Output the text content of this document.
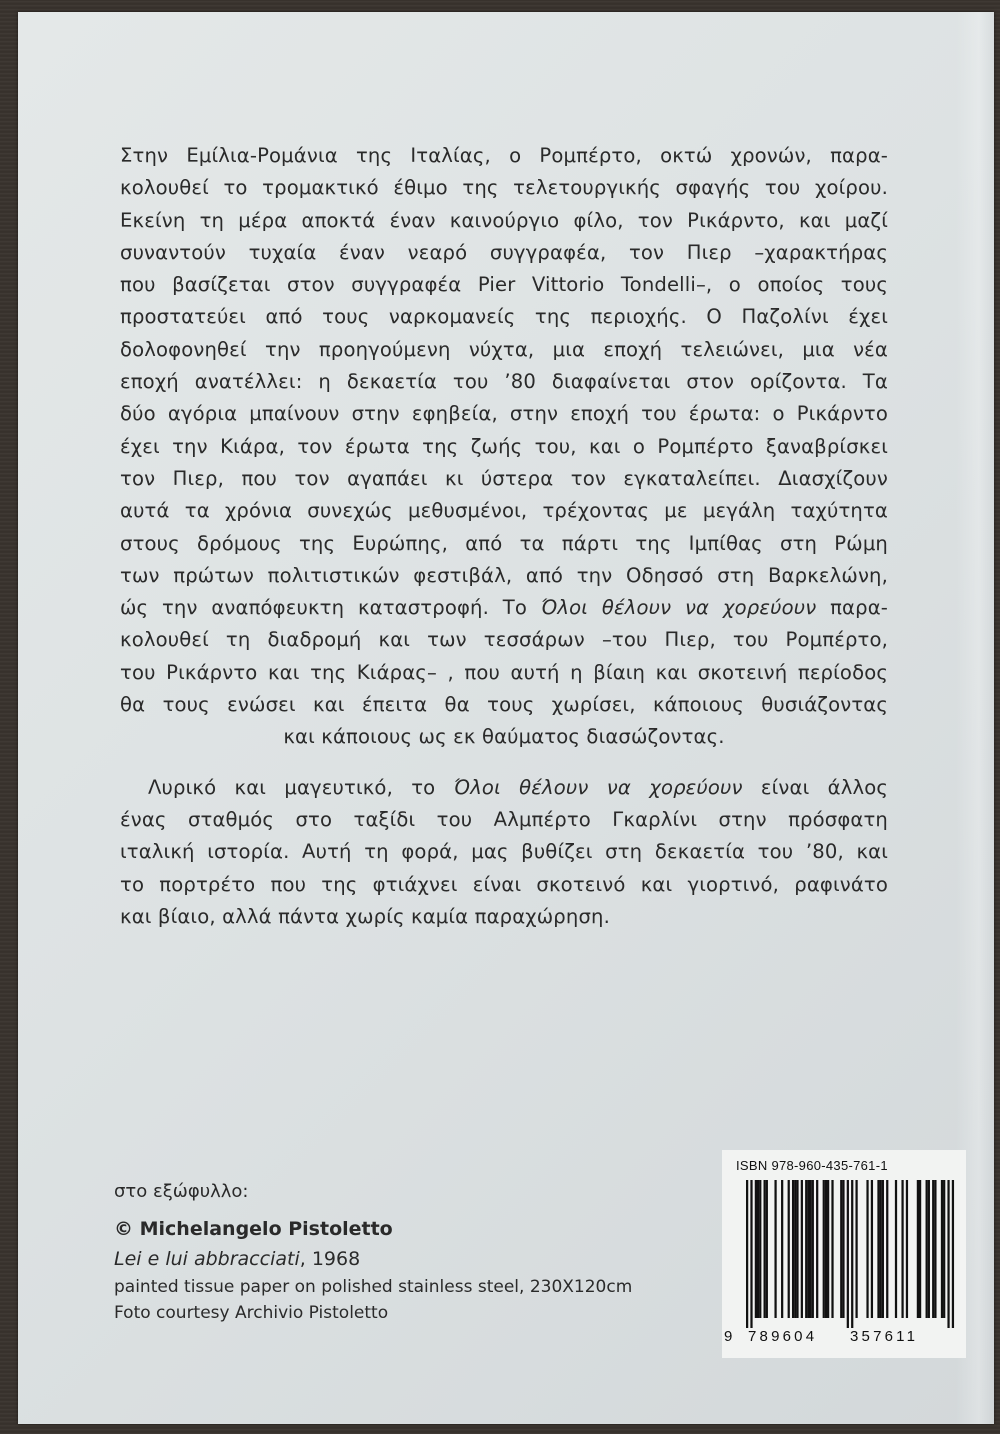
Στην Εμίλια-Ρομάνια της Ιταλίας, ο Ρομπέρτο, οκτώ χρονών, παρα-
κολουθεί το τρομακτικό έθιμο της τελετουργικής σφαγής του χοίρου.
Εκείνη τη μέρα αποκτά έναν καινούργιο φίλο, τον Ρικάρντο, και μαζί
συναντούν τυχαία έναν νεαρό συγγραφέα, τον Πιερ –χαρακτήρας
που βασίζεται στον συγγραφέα Pier Vittorio Tondelli–, ο οποίος τους
προστατεύει από τους ναρκομανείς της περιοχής. Ο Παζολίνι έχει
δολοφονηθεί την προηγούμενη νύχτα, μια εποχή τελειώνει, μια νέα
εποχή ανατέλλει: η δεκαετία του ’80 διαφαίνεται στον ορίζοντα. Τα
δύο αγόρια μπαίνουν στην εφηβεία, στην εποχή του έρωτα: ο Ρικάρντο
έχει την Κιάρα, τον έρωτα της ζωής του, και ο Ρομπέρτο ξαναβρίσκει
τον Πιερ, που τον αγαπάει κι ύστερα τον εγκαταλείπει. Διασχίζουν
αυτά τα χρόνια συνεχώς μεθυσμένοι, τρέχοντας με μεγάλη ταχύτητα
στους δρόμους της Ευρώπης, από τα πάρτι της Ιμπίθας στη Ρώμη
των πρώτων πολιτιστικών φεστιβάλ, από την Οδησσό στη Βαρκελώνη,
ώς την αναπόφευκτη καταστροφή. Το Όλοι θέλουν να χορεύουν παρα-
κολουθεί τη διαδρομή και των τεσσάρων –του Πιερ, του Ρομπέρτο,
του Ρικάρντο και της Κιάρας– , που αυτή η βίαιη και σκοτεινή περίοδος
θα τους ενώσει και έπειτα θα τους χωρίσει, κάποιους θυσιάζοντας
και κάποιους ως εκ θαύματος διασώζοντας.

Λυρικό και μαγευτικό, το Όλοι θέλουν να χορεύουν είναι άλλος
ένας σταθμός στο ταξίδι του Αλμπέρτο Γκαρλίνι στην πρόσφατη
ιταλική ιστορία. Αυτή τη φορά, μας βυθίζει στη δεκαετία του ’80, και
το πορτρέτο που της φτιάχνει είναι σκοτεινό και γιορτινό, ραφινάτο
και βίαιο, αλλά πάντα χωρίς καμία παραχώρηση.

στο εξώφυλλο:
© Michelangelo Pistoletto
Lei e lui abbracciati, 1968
painted tissue paper on polished stainless steel, 230X120cm
Foto courtesy Archivio Pistoletto
ISBN 978-960-435-761-1
9 789604 357611
